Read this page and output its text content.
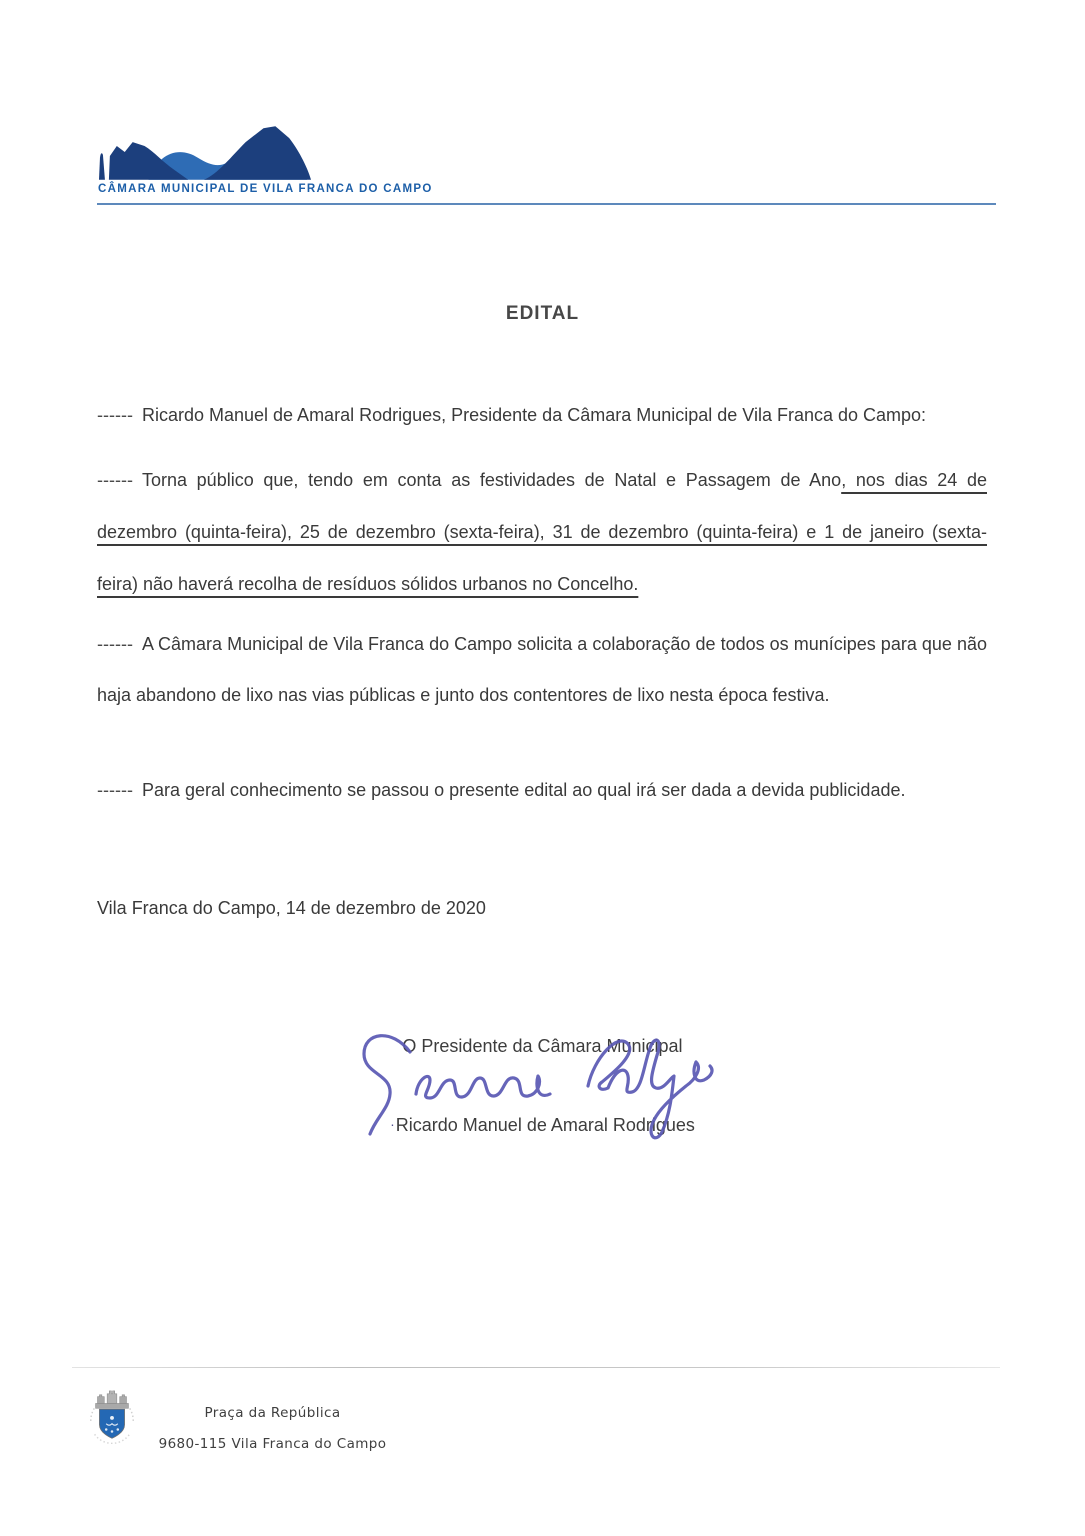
CÂMARA MUNICIPAL DE VILA FRANCA DO CAMPO
EDITAL
------ Ricardo Manuel de Amaral Rodrigues, Presidente da Câmara Municipal de Vila Franca do Campo:
------ Torna público que, tendo em conta as festividades de Natal e Passagem de Ano, nos dias 24 de dezembro (quinta-feira), 25 de dezembro (sexta-feira), 31 de dezembro (quinta-feira) e 1 de janeiro (sexta-feira) não haverá recolha de resíduos sólidos urbanos no Concelho.
------ A Câmara Municipal de Vila Franca do Campo solicita a colaboração de todos os munícipes para que não haja abandono de lixo nas vias públicas e junto dos contentores de lixo nesta época festiva.
------ Para geral conhecimento se passou o presente edital ao qual irá ser dada a devida publicidade.
Vila Franca do Campo, 14 de dezembro de 2020
O Presidente da Câmara Municipal
·Ricardo Manuel de Amaral Rodrigues
Praça da República
9680-115 Vila Franca do Campo
